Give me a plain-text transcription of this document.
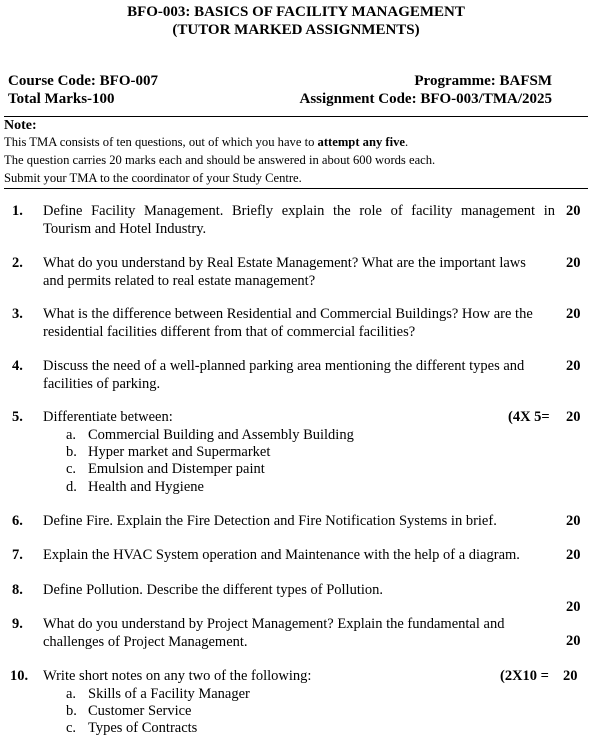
BFO-003: BASICS OF FACILITY MANAGEMENT
(TUTOR MARKED ASSIGNMENTS)
Course Code: BFO-007	Programme: BAFSM
Total Marks-100	Assignment Code: BFO-003/TMA/2025
Note:
This TMA consists of ten questions, out of which you have to attempt any five.
The question carries 20 marks each and should be answered in about 600 words each.
Submit your TMA to the coordinator of your Study Centre.
1. Define Facility Management. Briefly explain the role of facility management in
Tourism and Hotel Industry.
20
2. What do you understand by Real Estate Management? What are the important laws
and permits related to real estate management?
20
3. What is the difference between Residential and Commercial Buildings? How are the
residential facilities different from that of commercial facilities?
20
4. Discuss the need of a well-planned parking area mentioning the different types and
facilities of parking.
20
5. Differentiate between:	(4X 5= 20
a. Commercial Building and Assembly Building
b. Hyper market and Supermarket
c. Emulsion and Distemper paint
d. Health and Hygiene
6. Define Fire. Explain the Fire Detection and Fire Notification Systems in brief.	20
7. Explain the HVAC System operation and Maintenance with the help of a diagram.	20
8. Define Pollution. Describe the different types of Pollution.
20
9. What do you understand by Project Management? Explain the fundamental and
challenges of Project Management.	20
10. Write short notes on any two of the following:	(2X10 = 20
a. Skills of a Facility Manager
b. Customer Service
c. Types of Contracts
